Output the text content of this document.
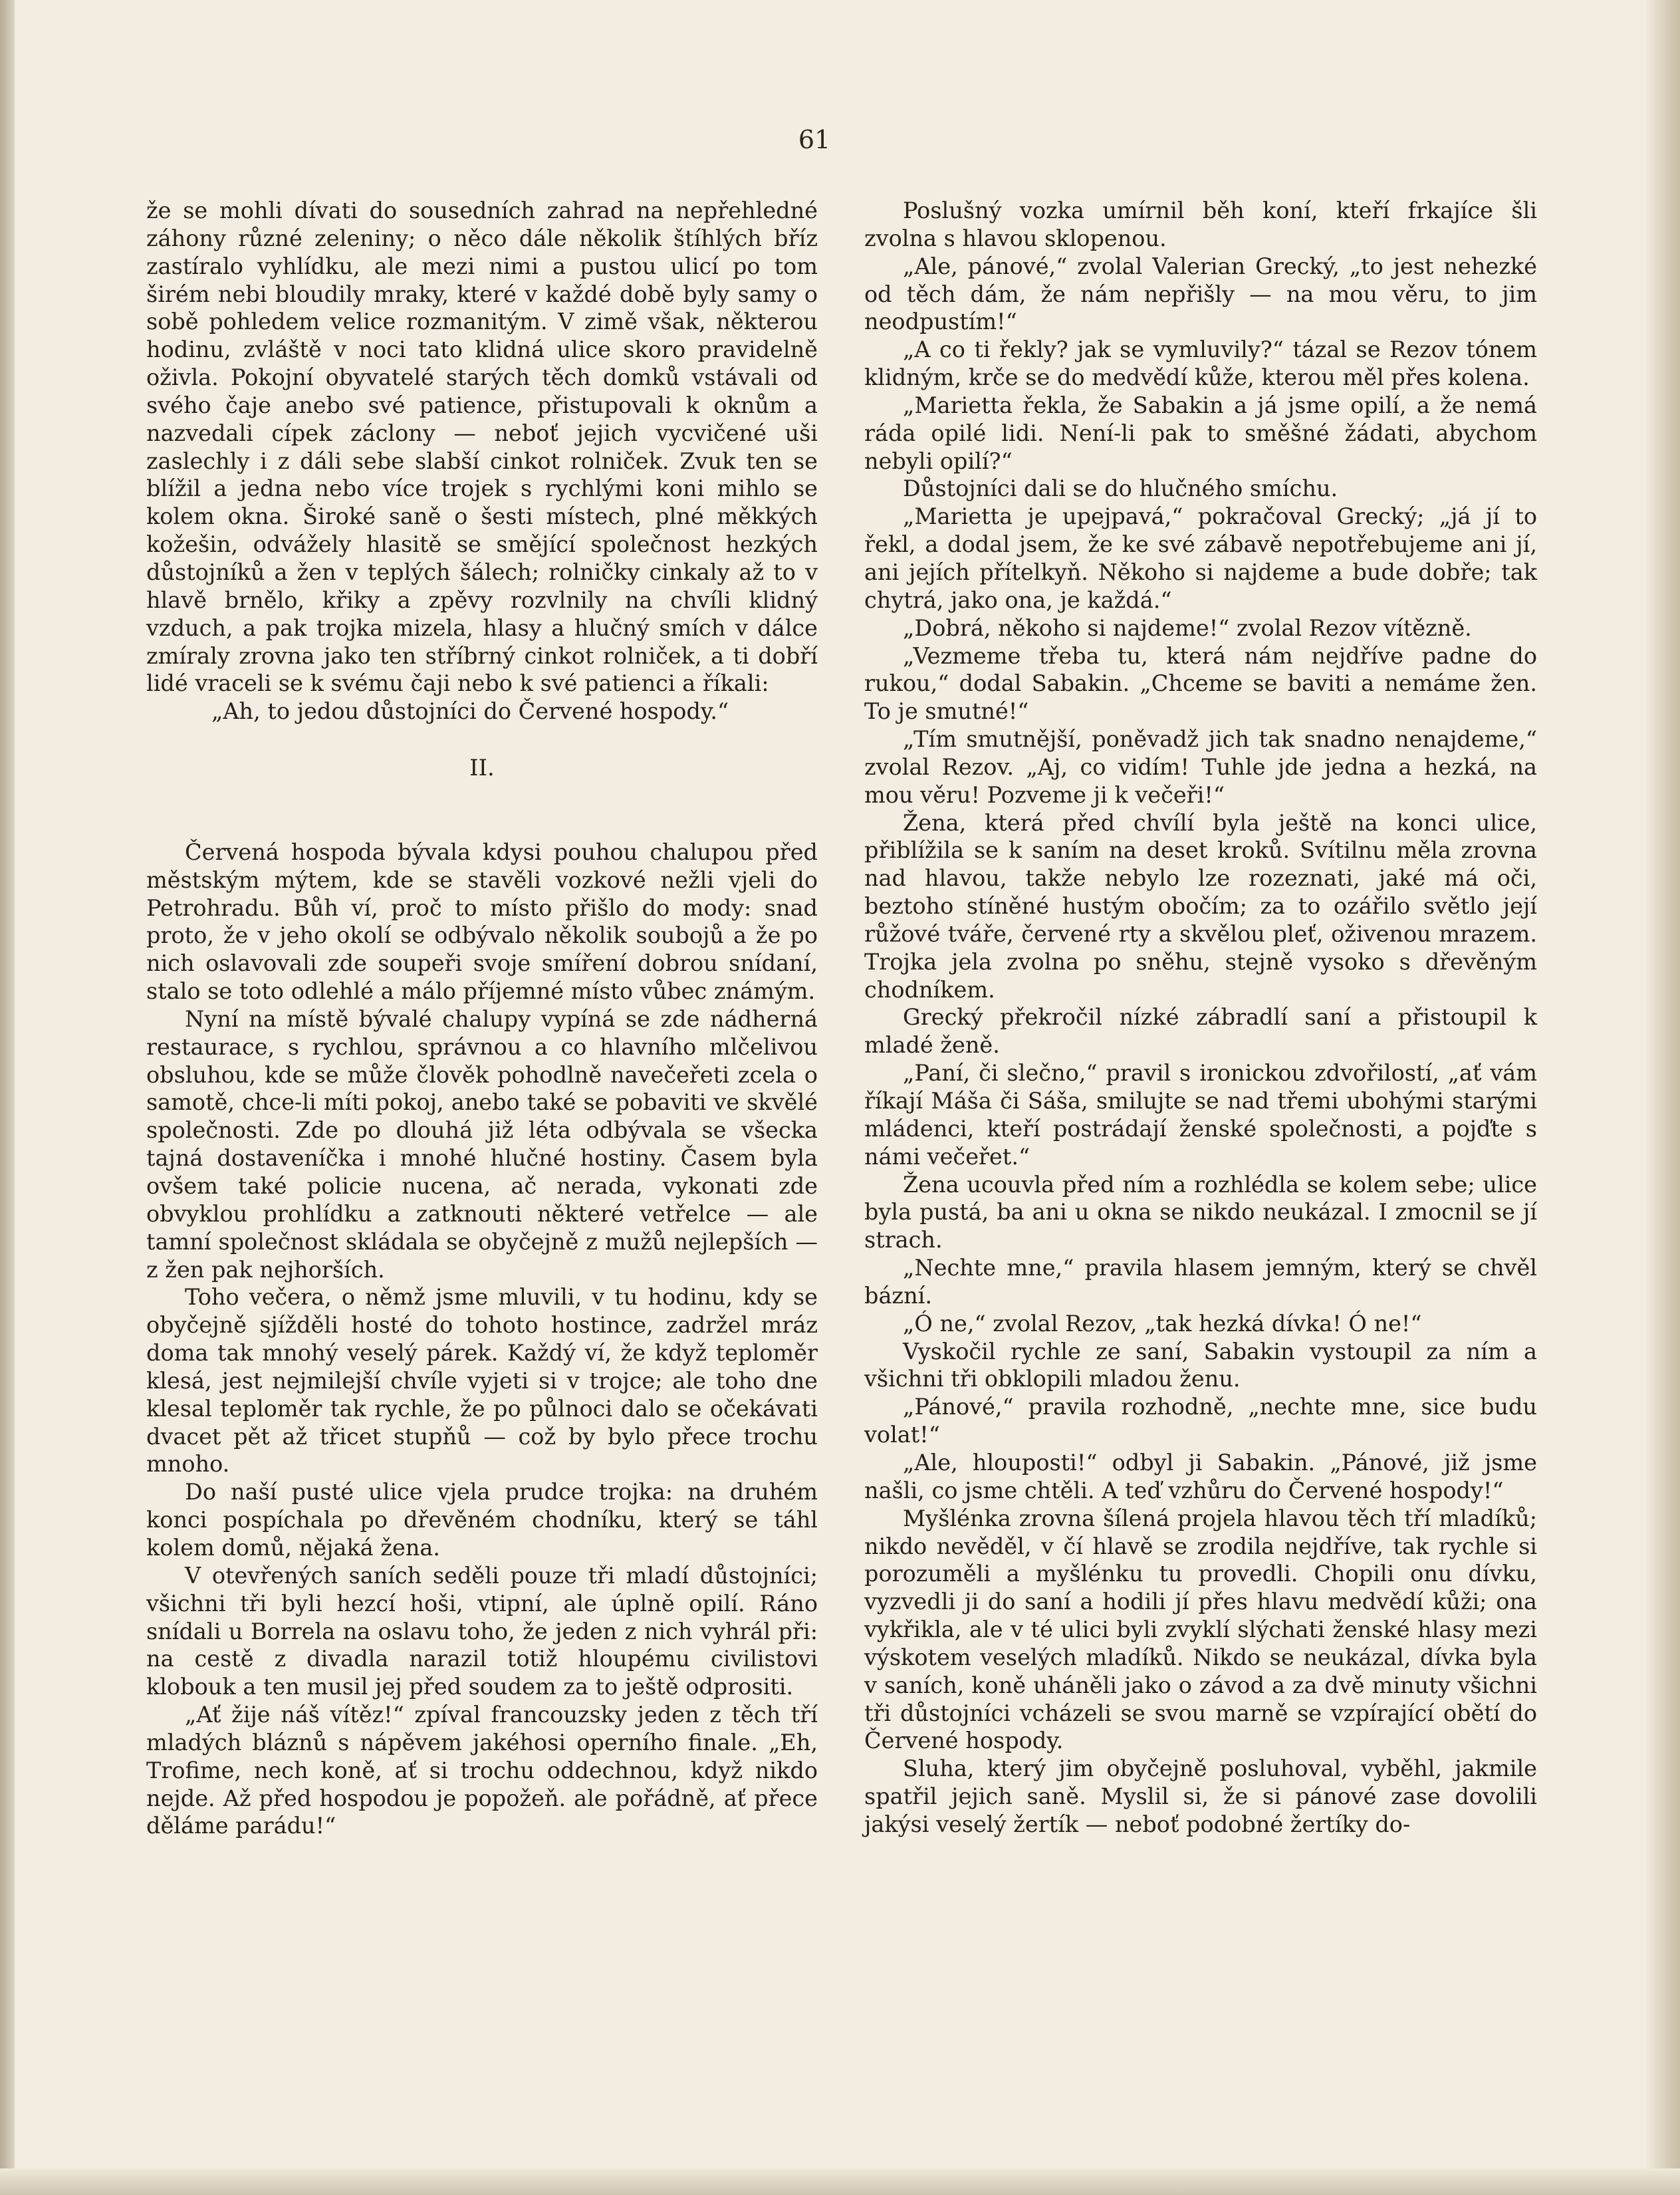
61

že se mohli dívati do sousedních zahrad na nepřehledné záhony různé zeleniny; o něco dále několik štíhlých bříz zastíralo vyhlídku, ale mezi nimi a pustou ulicí po tom širém nebi bloudily mraky, které v každé době byly samy o sobě pohledem velice rozmanitým. V zimě však, některou hodinu, zvláště v noci tato klidná ulice skoro pravidelně oživla. Pokojní obyvatelé starých těch domků vstávali od svého čaje anebo své patience, přistupovali k oknům a nazvedali cípek záclony — neboť jejich vycvičené uši zaslechly i z dáli sebe slabší cinkot rolniček. Zvuk ten se blížil a jedna nebo více trojek s rychlými koni mihlo se kolem okna. Široké saně o šesti místech, plné měkkých kožešin, odvážely hlasitě se smějící společnost hezkých důstojníků a žen v teplých šálech; rolničky cinkaly až to v hlavě brnělo, křiky a zpěvy rozvlnily na chvíli klidný vzduch, a pak trojka mizela, hlasy a hlučný smích v dálce zmíraly zrovna jako ten stříbrný cinkot rolniček, a ti dobří lidé vraceli se k svému čaji nebo k své patienci a říkali:

„Ah, to jedou důstojníci do Červené hospody.“

II.

Červená hospoda bývala kdysi pouhou chalupou před městským mýtem, kde se stavěli vozkové nežli vjeli do Petrohradu. Bůh ví, proč to místo přišlo do mody: snad proto, že v jeho okolí se odbývalo několik soubojů a že po nich oslavovali zde soupeři svoje smíření dobrou snídaní, stalo se toto odlehlé a málo příjemné místo vůbec známým.

Nyní na místě bývalé chalupy vypíná se zde nádherná restaurace, s rychlou, správnou a co hlavního mlčelivou obsluhou, kde se může člověk pohodlně navečeřeti zcela o samotě, chce-li míti pokoj, anebo také se pobaviti ve skvělé společnosti. Zde po dlouhá již léta odbývala se všecka tajná dostaveníčka i mnohé hlučné hostiny. Časem byla ovšem také policie nucena, ač nerada, vykonati zde obvyklou prohlídku a zatknouti některé vetřelce — ale tamní společnost skládala se obyčejně z mužů nejlepších — z žen pak nejhorších.

Toho večera, o němž jsme mluvili, v tu hodinu, kdy se obyčejně sjížděli hosté do tohoto hostince, zadržel mráz doma tak mnohý veselý párek. Každý ví, že když teploměr klesá, jest nejmilejší chvíle vyjeti si v trojce; ale toho dne klesal teploměr tak rychle, že po půlnoci dalo se očekávati dvacet pět až třicet stupňů — což by bylo přece trochu mnoho.

Do naší pusté ulice vjela prudce trojka: na druhém konci pospíchala po dřevěném chodníku, který se táhl kolem domů, nějaká žena.

V otevřených saních seděli pouze tři mladí důstojníci; všichni tři byli hezcí hoši, vtipní, ale úplně opilí. Ráno snídali u Borrela na oslavu toho, že jeden z nich vyhrál při: na cestě z divadla narazil totiž hloupému civilistovi klobouk a ten musil jej před soudem za to ještě odprositi.

„Ať žije náš vítěz!“ zpíval francouzsky jeden z těch tří mladých bláznů s nápěvem jakéhosi operního finale. „Eh, Trofime, nech koně, ať si trochu oddechnou, když nikdo nejde. Až před hospodou je popožeň. ale pořádně, ať přece děláme parádu!“

Poslušný vozka umírnil běh koní, kteří frkajíce šli zvolna s hlavou sklopenou.

„Ale, pánové,“ zvolal Valerian Grecký, „to jest nehezké od těch dám, že nám nepřišly — na mou věru, to jim neodpustím!“

„A co ti řekly? jak se vymluvily?“ tázal se Rezov tónem klidným, krče se do medvědí kůže, kterou měl přes kolena.

„Marietta řekla, že Sabakin a já jsme opilí, a že nemá ráda opilé lidi. Není-li pak to směšné žádati, abychom nebyli opilí?“

Důstojníci dali se do hlučného smíchu.

„Marietta je upejpavá,“ pokračoval Grecký; „já jí to řekl, a dodal jsem, že ke své zábavě nepotřebujeme ani jí, ani jejích přítelkyň. Někoho si najdeme a bude dobře; tak chytrá, jako ona, je každá.“

„Dobrá, někoho si najdeme!“ zvolal Rezov vítězně.

„Vezmeme třeba tu, která nám nejdříve padne do rukou,“ dodal Sabakin. „Chceme se baviti a nemáme žen. To je smutné!“

„Tím smutnější, poněvadž jich tak snadno nenajdeme,“ zvolal Rezov. „Aj, co vidím! Tuhle jde jedna a hezká, na mou věru! Pozveme ji k večeři!“

Žena, která před chvílí byla ještě na konci ulice, přiblížila se k saním na deset kroků. Svítilnu měla zrovna nad hlavou, takže nebylo lze rozeznati, jaké má oči, beztoho stíněné hustým obočím; za to ozářilo světlo její růžové tváře, červené rty a skvělou pleť, oživenou mrazem. Trojka jela zvolna po sněhu, stejně vysoko s dřevěným chodníkem.

Grecký překročil nízké zábradlí saní a přistoupil k mladé ženě.

„Paní, či slečno,“ pravil s ironickou zdvořilostí, „ať vám říkají Máša či Sáša, smilujte se nad třemi ubohými starými mládenci, kteří postrádají ženské společnosti, a pojďte s námi večeřet.“

Žena ucouvla před ním a rozhlédla se kolem sebe; ulice byla pustá, ba ani u okna se nikdo neukázal. I zmocnil se jí strach.

„Nechte mne,“ pravila hlasem jemným, který se chvěl bázní.

„Ó ne,“ zvolal Rezov, „tak hezká dívka! Ó ne!“

Vyskočil rychle ze saní, Sabakin vystoupil za ním a všichni tři obklopili mladou ženu.

„Pánové,“ pravila rozhodně, „nechte mne, sice budu volat!“

„Ale, hlouposti!“ odbyl ji Sabakin. „Pánové, již jsme našli, co jsme chtěli. A teď vzhůru do Červené hospody!“

Myšlénka zrovna šílená projela hlavou těch tří mladíků; nikdo nevěděl, v čí hlavě se zrodila nejdříve, tak rychle si porozuměli a myšlénku tu provedli. Chopili onu dívku, vyzvedli ji do saní a hodili jí přes hlavu medvědí kůži; ona vykřikla, ale v té ulici byli zvyklí slýchati ženské hlasy mezi výskotem veselých mladíků. Nikdo se neukázal, dívka byla v saních, koně uháněli jako o závod a za dvě minuty všichni tři důstojníci vcházeli se svou marně se vzpírající obětí do Červené hospody.

Sluha, který jim obyčejně posluhoval, vyběhl, jakmile spatřil jejich saně. Myslil si, že si pánové zase dovolili jakýsi veselý žertík — neboť podobné žertíky do-
